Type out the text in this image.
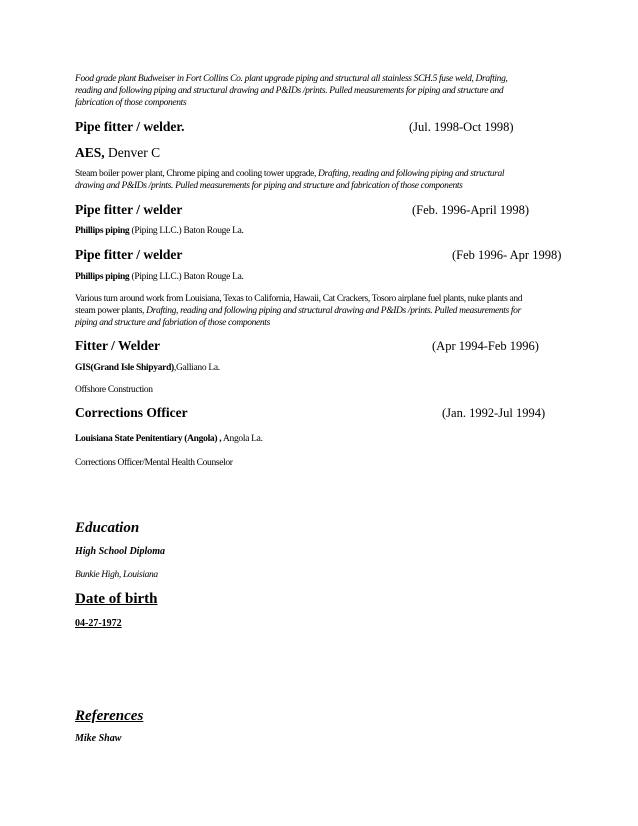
Food grade plant Budweiser in Fort Collins Co. plant upgrade piping and structural all stainless SCH.5 fuse weld, Drafting,
reading and following piping and structural drawing and P&IDs /prints. Pulled measurements for piping and structure and
fabrication of those components
Pipe fitter / welder.	(Jul. 1998-Oct 1998)
AES, Denver C
Steam boiler power plant, Chrome piping and cooling tower upgrade, Drafting, reading and following piping and structural
drawing and P&IDs /prints. Pulled measurements for piping and structure and fabrication of those components
Pipe fitter / welder	(Feb. 1996-April 1998)
Phillips piping (Piping LLC.) Baton Rouge La.
Pipe fitter / welder	(Feb 1996- Apr 1998)
Phillips piping (Piping LLC.) Baton Rouge La.
Various turn around work from Louisiana, Texas to California, Hawaii, Cat Crackers, Tosoro airplane fuel plants, nuke plants and
steam power plants, Drafting, reading and following piping and structural drawing and P&IDs /prints. Pulled measurements for
piping and structure and fabriation of those components
Fitter / Welder	(Apr 1994-Feb 1996)
GIS(Grand Isle Shipyard),Galliano La.
Offshore Construction
Corrections Officer	(Jan. 1992-Jul 1994)
Louisiana State Penitentiary (Angola) , Angola La.
Corrections Officer/Mental Health Counselor
Education
High School Diploma
Bunkie High, Louisiana
Date of birth
04-27-1972
References
Mike Shaw
